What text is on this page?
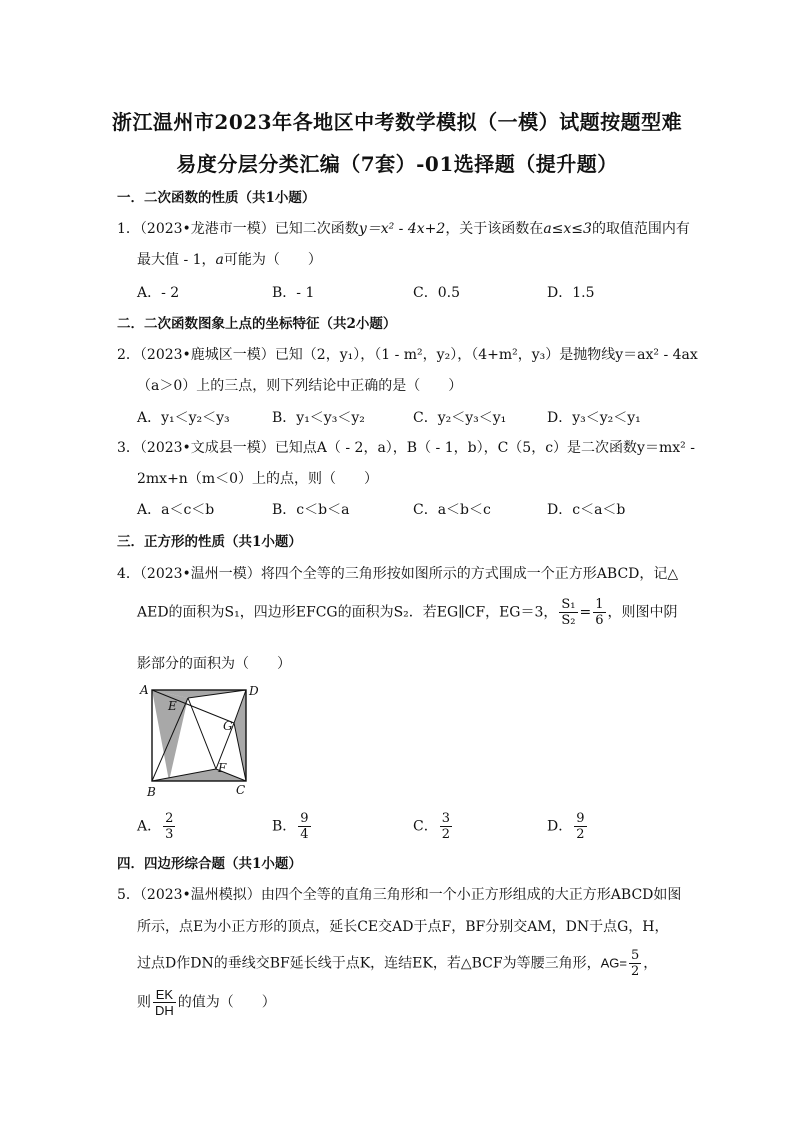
浙江温州市2023年各地区中考数学模拟（一模）试题按题型难
易度分层分类汇编（7套）-01选择题（提升题）
一．二次函数的性质（共1小题）
1．（2023•龙港市一模）已知二次函数y＝x² - 4x+2，关于该函数在a≤x≤3的取值范围内有
最大值 - 1，a可能为（　　）
A．- 2	B．- 1	C．0.5	D．1.5
二．二次函数图象上点的坐标特征（共2小题）
2．（2023•鹿城区一模）已知（2，y₁），（1 - m²，y₂），（4+m²，y₃）是抛物线y＝ax² - 4ax
（a＞0）上的三点，则下列结论中正确的是（　　）
A．y₁＜y₂＜y₃	B．y₁＜y₃＜y₂	C．y₂＜y₃＜y₁	D．y₃＜y₂＜y₁
3．（2023•文成县一模）已知点A（ - 2，a），B（ - 1，b），C（5，c）是二次函数y＝mx² -
2mx+n（m＜0）上的点，则（　　）
A．a＜c＜b	B．c＜b＜a	C．a＜b＜c	D．c＜a＜b
三．正方形的性质（共1小题）
4．（2023•温州一模）将四个全等的三角形按如图所示的方式围成一个正方形ABCD，记△
AED的面积为S₁，四边形EFCG的面积为S₂．若EG∥CF，EG＝3， $\frac{\text{S₁}}{\text{S₂}} = \frac{1}{6}$ ，则图中阴
影部分的面积为（　　）
A	D
E
G
F
B	C
A． $\frac{2}{3}$	B． $\frac{9}{4}$	C． $\frac{3}{2}$	D． $\frac{9}{2}$
四．四边形综合题（共1小题）
5．（2023•温州模拟）由四个全等的直角三角形和一个小正方形组成的大正方形ABCD如图
所示，点E为小正方形的顶点，延长CE交AD于点F，BF分别交AM，DN于点G，H，
过点D作DN的垂线交BF延长线于点K，连结EK，若△BCF为等腰三角形，$AG= \frac{5}{2}$ ，
则 $\frac{EK}{DH}$ 的值为（　　）
